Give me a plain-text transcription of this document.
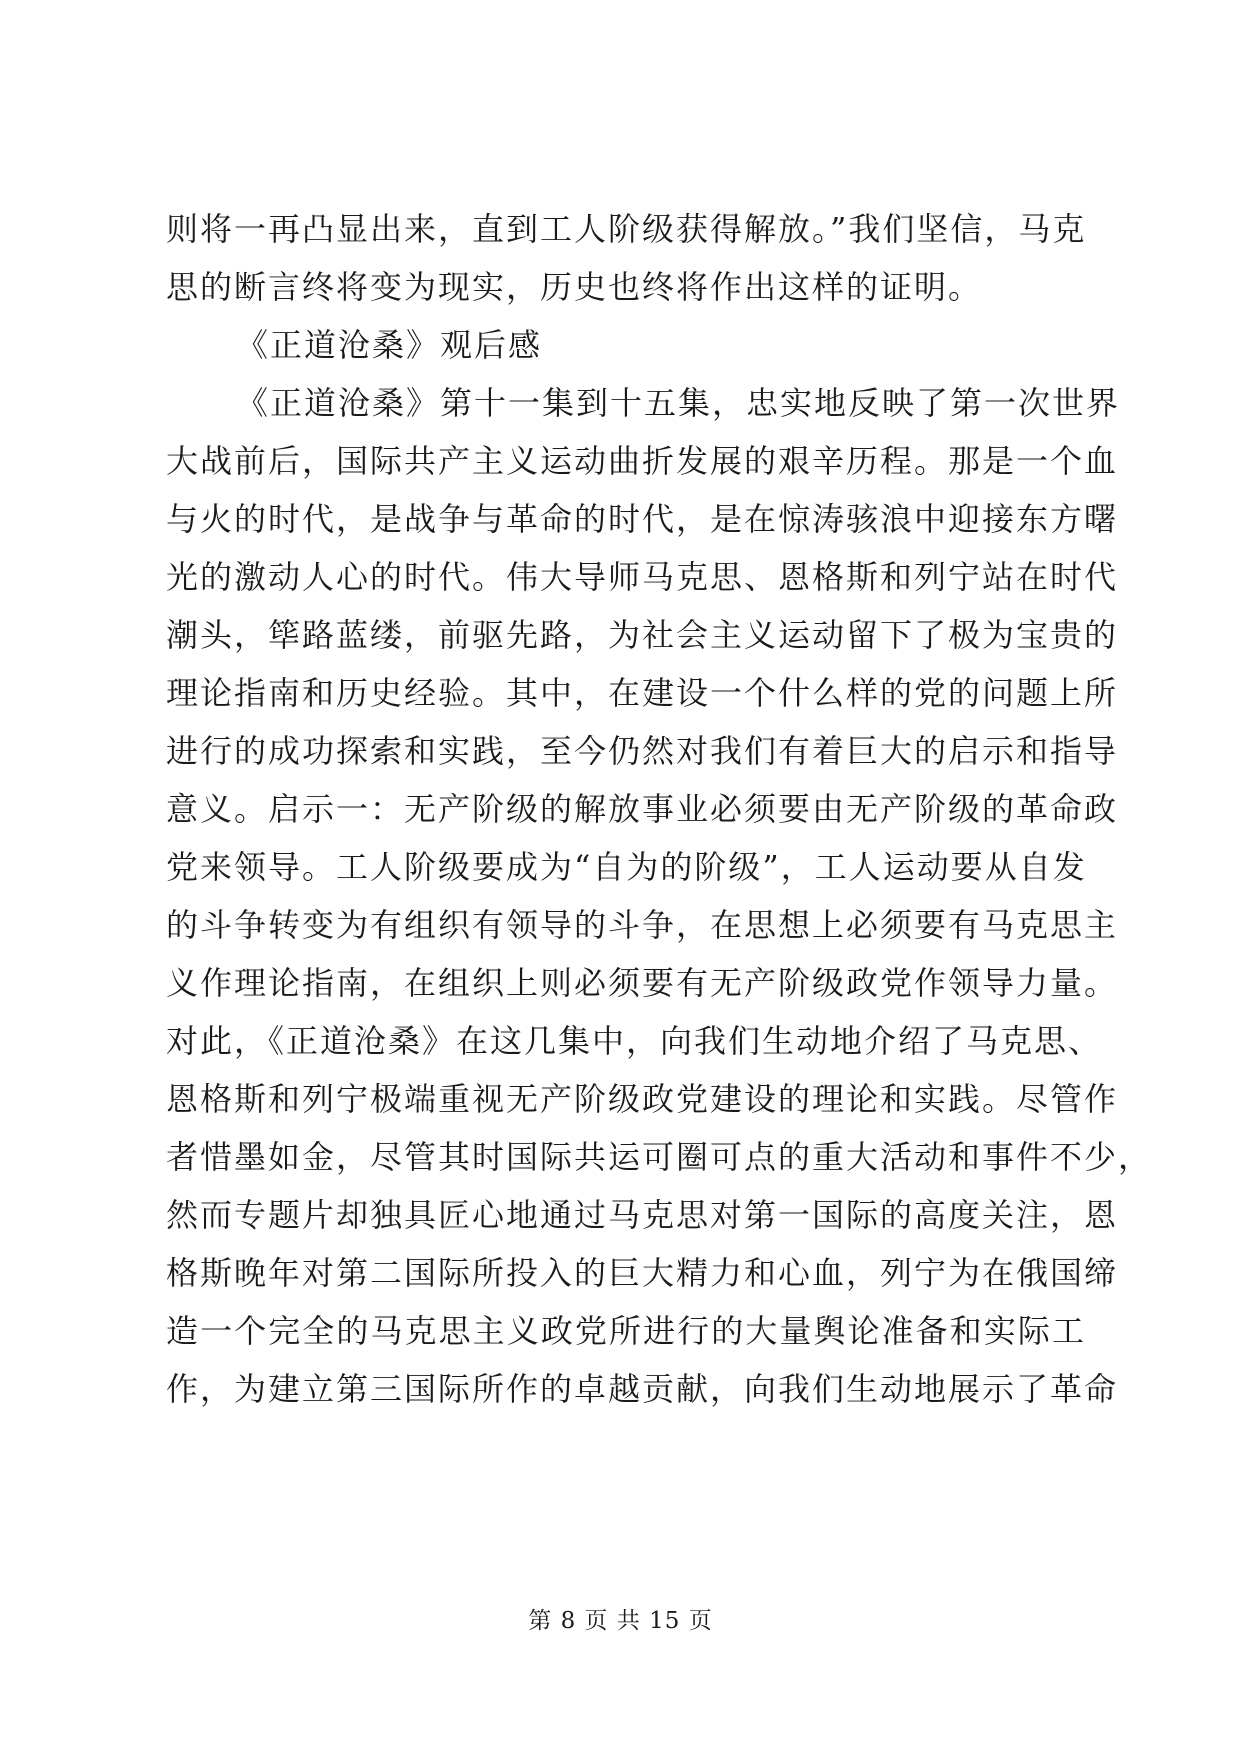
则将一再凸显出来，直到工人阶级获得解放。”我们坚信，马克
思的断言终将变为现实，历史也终将作出这样的证明。
《正道沧桑》观后感
《正道沧桑》第十一集到十五集，忠实地反映了第一次世界
大战前后，国际共产主义运动曲折发展的艰辛历程。那是一个血
与火的时代，是战争与革命的时代，是在惊涛骇浪中迎接东方曙
光的激动人心的时代。伟大导师马克思、恩格斯和列宁站在时代
潮头，筚路蓝缕，前驱先路，为社会主义运动留下了极为宝贵的
理论指南和历史经验。其中，在建设一个什么样的党的问题上所
进行的成功探索和实践，至今仍然对我们有着巨大的启示和指导
意义。启示一：无产阶级的解放事业必须要由无产阶级的革命政
党来领导。工人阶级要成为“自为的阶级”，工人运动要从自发
的斗争转变为有组织有领导的斗争，在思想上必须要有马克思主
义作理论指南，在组织上则必须要有无产阶级政党作领导力量。
对此，《正道沧桑》在这几集中，向我们生动地介绍了马克思、
恩格斯和列宁极端重视无产阶级政党建设的理论和实践。尽管作
者惜墨如金，尽管其时国际共运可圈可点的重大活动和事件不少，
然而专题片却独具匠心地通过马克思对第一国际的高度关注，恩
格斯晚年对第二国际所投入的巨大精力和心血，列宁为在俄国缔
造一个完全的马克思主义政党所进行的大量舆论准备和实际工
作，为建立第三国际所作的卓越贡献，向我们生动地展示了革命
第 8 页 共 15 页
